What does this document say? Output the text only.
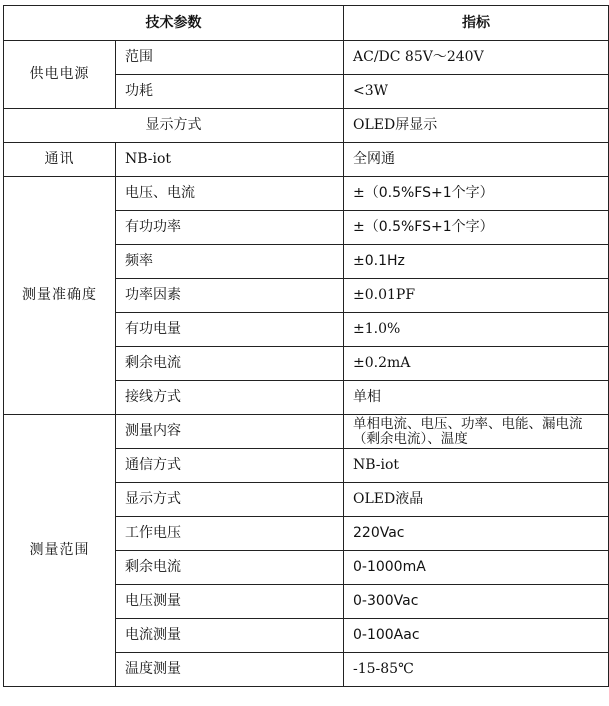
技术参数		指标
供电电源	范围	AC/DC 85V～240V
	功耗	<3W
显示方式		OLED屏显示
通讯	NB-iot	全网通
测量准确度	电压、电流	±（0.5%FS+1个字）
	有功功率	±（0.5%FS+1个字）
	频率	±0.1Hz
	功率因素	±0.01PF
	有功电量	±1.0%
	剩余电流	±0.2mA
	接线方式	单相
测量范围	测量内容	单相电流、电压、功率、电能、漏电流（剩余电流）、温度
	通信方式	NB-iot
	显示方式	OLED液晶
	工作电压	220Vac
	剩余电流	0-1000mA
	电压测量	0-300Vac
	电流测量	0-100Aac
	温度测量	-15-85℃
